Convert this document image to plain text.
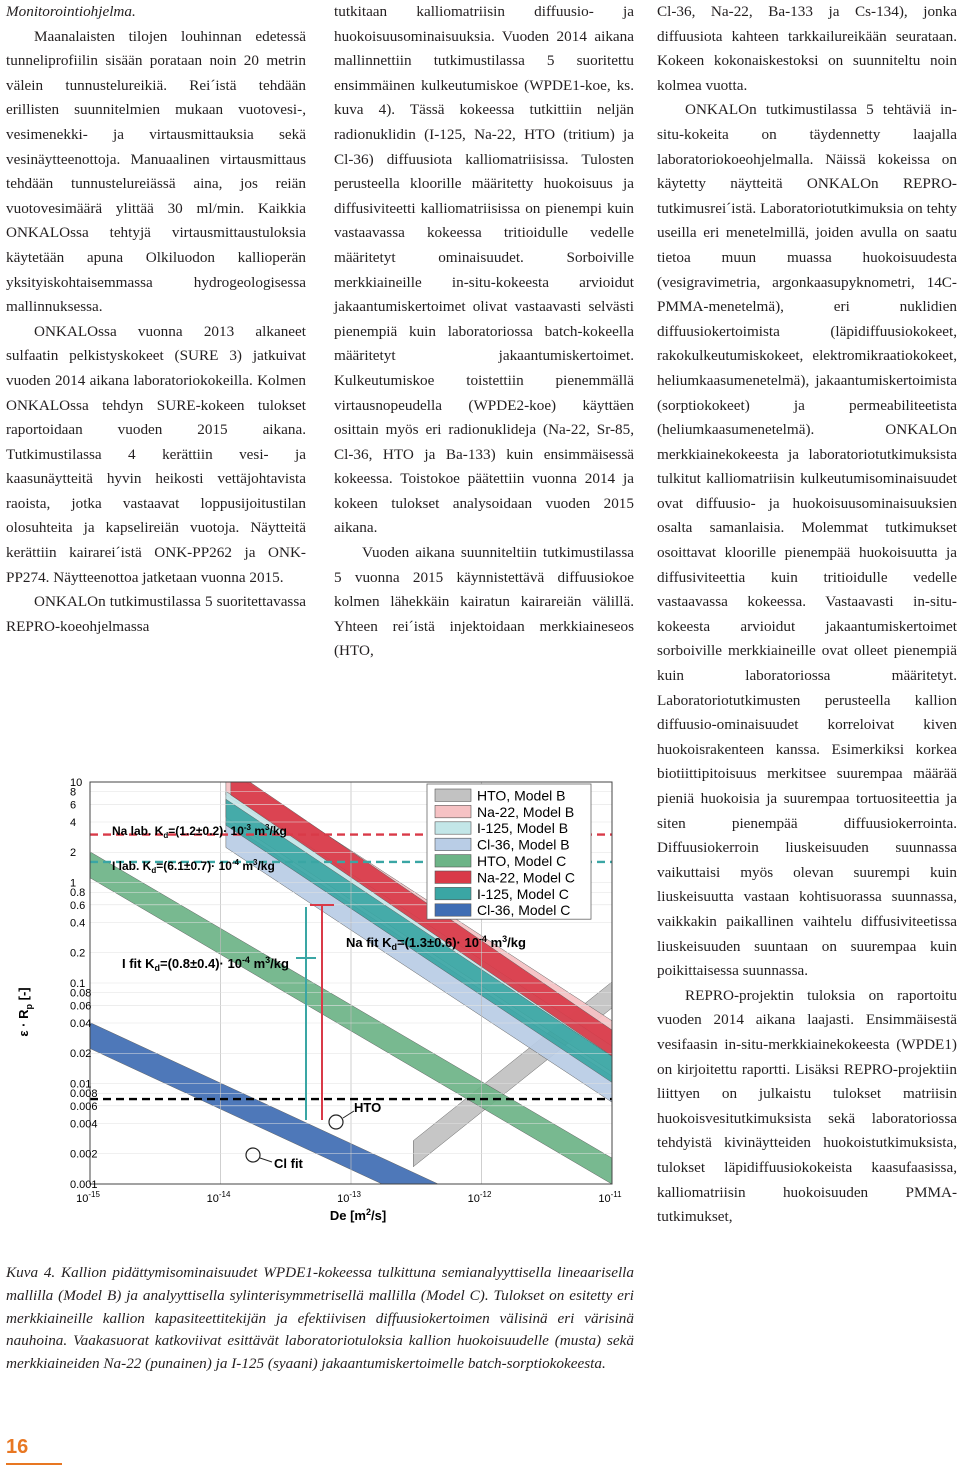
Monitorointiohjelma.

Maanalaisten tilojen louhinnan edetessä tunneliprofiilin sisään porataan noin 20 metrin välein tunnustelureikiä. Rei´istä tehdään erillisten suunnitelmien mukaan vuotovesi-, vesimenekki- ja virtausmittauksia sekä vesinäytteenottoja. Manuaalinen virtausmittaus tehdään tunnustelureiässä aina, jos reiän vuotovesimäärä ylittää 30 ml/min. Kaikkia ONKALOssa tehtyjä virtausmittaustuloksia käytetään apuna Olkiluodon kallioperän yksityiskohtaisemmassa hydrogeologisessa mallinnuksessa.

ONKALOssa vuonna 2013 alkaneet sulfaatin pelkistyskokeet (SURE 3) jatkuivat vuoden 2014 aikana laboratoriokokeilla. Kolmen ONKALOssa tehdyn SURE-kokeen tulokset raportoidaan vuoden 2015 aikana. Tutkimustilassa 4 kerättiin vesi- ja kaasunäytteitä hyvin heikosti vettäjohtavista raoista, jotka vastaavat loppusijoitustilan olosuhteita ja kapselireiän vuotoja. Näytteitä kerättiin kairarei´istä ONK-PP262 ja ONK-PP274. Näytteenottoa jatketaan vuonna 2015.

ONKALOn tutkimustilassa 5 suoritettavassa REPRO-koeohjelmassa

tutkitaan kalliomatriisin diffuusio- ja huokoisuusominaisuuksia. Vuoden 2014 aikana mallinnettiin tutkimustilassa 5 suoritettu ensimmäinen kulkeutumiskoe (WPDE1-koe, ks. kuva 4). Tässä kokeessa tutkittiin neljän radionuklidin (I-125, Na-22, HTO (tritium) ja Cl-36) diffuusiota kalliomatriisissa. Tulosten perusteella kloorille määritetty huokoisuus ja diffusiviteetti kalliomatriisissa on pienempi kuin vastaavassa kokeessa tritioidulle vedelle määritetyt ominaisuudet. Sorboiville merkkiaineille in-situ-kokeesta arvioidut jakaantumiskertoimet olivat vastaavasti selvästi pienempiä kuin laboratoriossa batch-kokeella määritetyt jakaantumiskertoimet. Kulkeutumiskoe toistettiin pienemmällä virtausnopeudella (WPDE2-koe) käyttäen osittain myös eri radionuklideja (Na-22, Sr-85, Cl-36, HTO ja Ba-133) kuin ensimmäisessä kokeessa. Toistokoe päätettiin vuonna 2014 ja kokeen tulokset analysoidaan vuoden 2015 aikana.

Vuoden aikana suunniteltiin tutkimustilassa 5 vuonna 2015 käynnistettävä diffuusiokoe kolmen lähekkäin kairatun kairareiän välillä. Yhteen rei´istä injektoidaan merkkiaineseos (HTO,

Cl-36, Na-22, Ba-133 ja Cs-134), jonka diffuusiota kahteen tarkkailureikään seurataan. Kokeen kokonaiskestoksi on suunniteltu noin kolmea vuotta.

ONKALOn tutkimustilassa 5 tehtäviä in-situ-kokeita on täydennetty laajalla laboratoriokoeohjelmalla. Näissä kokeissa on käytetty näytteitä ONKALOn REPRO-tutkimusrei´istä. Laboratoriotutkimuksia on tehty useilla eri menetelmillä, joiden avulla on saatu tietoa muun muassa huokoisuudesta (vesigravimetria, argonkaasupyknometri, 14C-PMMA-menetelmä), eri nuklidien diffuusiokertoimista (läpidiffuusiokokeet, rakokulkeutumiskokeet, elektromikraatiokokeet, heliumkaasumenetelmä), jakaantumiskertoimista (sorptiokokeet) ja permeabiliteetista (heliumkaasumenetelmä). ONKALOn merkkiainekokeesta ja laboratoriotutkimuksista tulkitut kalliomatriisin kulkeutumisominaisuudet ovat diffuusio- ja huokoisuusominaisuuksien osalta samanlaisia. Molemmat tutkimukset osoittavat kloorille pienempää huokoisuutta ja diffusiviteettia kuin tritioidulle vedelle vastaavassa kokeessa. Vastaavasti in-situ-kokeesta arvioidut jakaantumiskertoimet sorboiville merkkiaineille ovat olleet pienempiä kuin laboratoriossa määritetyt. Laboratoriotutkimusten perusteella kallion diffuusio-ominaisuudet korreloivat kiven huokoisrakenteen kanssa. Esimerkiksi korkea biotiittipitoisuus merkitsee suurempaa määrää pieniä huokoisia ja suurempaa tortuositeettia ja siten pienempää diffuusiokerrointa. Diffuusiokerroin liuskeisuuden suunnassa vaikuttaisi myös olevan suurempi kuin liuskeisuutta vastaan kohtisuorassa suunnassa, vaikkakin paikallinen vaihtelu diffusiviteetissa liuskeisuuden suuntaan on suurempaa kuin poikittaisessa suunnassa.

REPRO-projektin tuloksia on raportoitu vuoden 2014 aikana laajasti. Ensimmäisestä vesifaasin in-situ-merkkiainekokeesta (WPDE1) on kirjoitettu raportti. Lisäksi REPRO-projektiin liittyen on julkaistu tulokset matriisin huokoisvesitutkimuksista sekä laboratoriossa tehdyistä kivinäytteiden huokoistutkimuksista, tulokset läpidiffuusiokokeista kaasufaasissa, kalliomatriisin huokoisuuden PMMA-tutkimukset,

10
8
6
4
2
1
0.8
0.6
0.4
0.2
0.1
0.08
0.06
0.04
0.02
0.01
0.008
0.006
0.004
0.002
0.001
$10^{-15}$	$10^{-14}$	$10^{-13}$	$10^{-12}$	$10^{-11}$
$\varepsilon \cdot R_p$ [-]
De $[m^2/s]$
Na lab. $K_d=(1.2\pm 0.2)\cdot 10^{-3}$ $m^3/kg$
I lab. $K_d=(6.1\pm 0.7)\cdot 10^{-4}$ $m^3/kg$
I fit $K_d=(0.8\pm 0.4)\cdot 10^{-4}$ $m^3/kg$
Na fit $K_d=(1.3\pm 0.6)\cdot 10^{-4}$ $m^3/kg$
HTO
Cl fit
HTO, Model B
Na-22, Model B
I-125, Model B
Cl-36, Model B
HTO, Model C
Na-22, Model C
I-125, Model C
Cl-36, Model C
Kuva 4. Kallion pidättymisominaisuudet WPDE1-kokeessa tulkittuna semianalyyttisella lineaarisella mallilla (Model B) ja analyyttisella sylinterisymmetrisellä mallilla (Model C). Tulokset on esitetty eri merkkiaineille kallion kapasiteettitekijän ja efektiivisen diffuusiokertoimen välisinä eri värisinä nauhoina. Vaakasuorat katkoviivat esittävät laboratoriotuloksia kallion huokoisuudelle (musta) sekä merkkiaineiden Na-22 (punainen) ja I-125 (syaani) jakaantumiskertoimelle batch-sorptiokokeesta.
16
